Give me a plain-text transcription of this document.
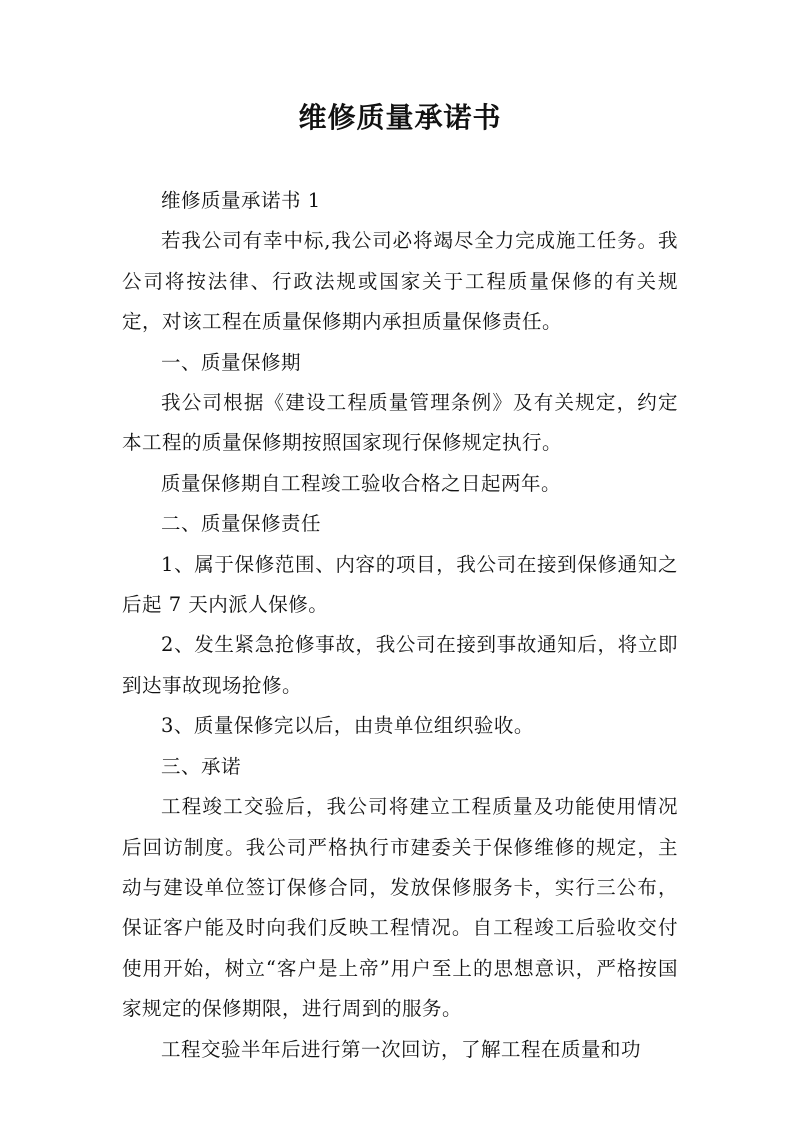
维修质量承诺书

维修质量承诺书 1

若我公司有幸中标,我公司必将竭尽全力完成施工任务。我公司将按法律、行政法规或国家关于工程质量保修的有关规定，对该工程在质量保修期内承担质量保修责任。

一、质量保修期

我公司根据《建设工程质量管理条例》及有关规定，约定本工程的质量保修期按照国家现行保修规定执行。

质量保修期自工程竣工验收合格之日起两年。

二、质量保修责任

1、属于保修范围、内容的项目，我公司在接到保修通知之后起 7 天内派人保修。

2、发生紧急抢修事故，我公司在接到事故通知后，将立即到达事故现场抢修。

3、质量保修完以后，由贵单位组织验收。

三、承诺

工程竣工交验后，我公司将建立工程质量及功能使用情况后回访制度。我公司严格执行市建委关于保修维修的规定，主动与建设单位签订保修合同，发放保修服务卡，实行三公布，保证客户能及时向我们反映工程情况。自工程竣工后验收交付使用开始，树立“客户是上帝”用户至上的思想意识，严格按国家规定的保修期限，进行周到的服务。

工程交验半年后进行第一次回访，了解工程在质量和功
